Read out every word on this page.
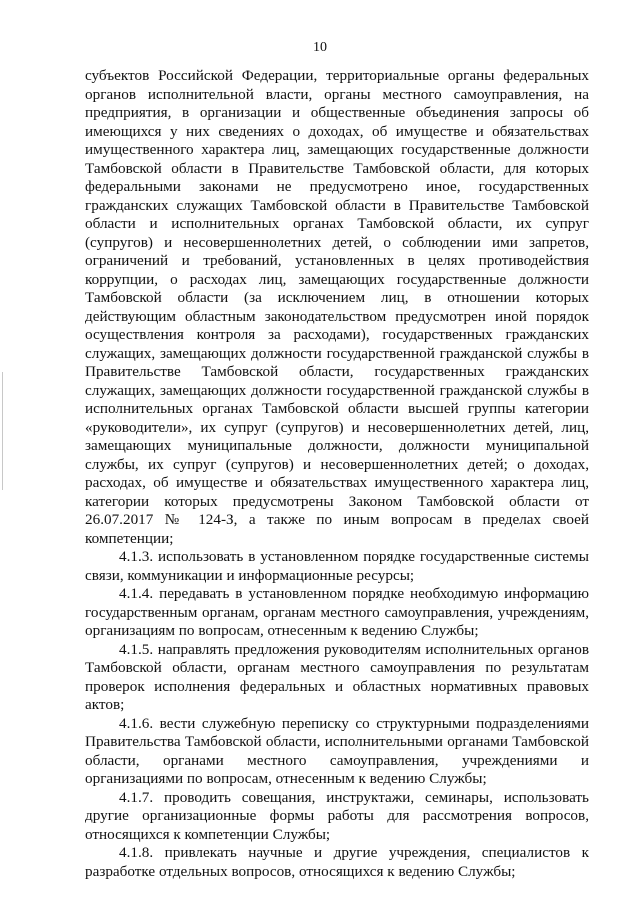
10

субъектов Российской Федерации, территориальные органы федеральных органов исполнительной власти, органы местного самоуправления, на предприятия, в организации и общественные объединения запросы об имеющихся у них сведениях о доходах, об имуществе и обязательствах имущественного характера лиц, замещающих государственные должности Тамбовской области в Правительстве Тамбовской области, для которых федеральными законами не предусмотрено иное, государственных гражданских служащих Тамбовской области в Правительстве Тамбовской области и исполнительных органах Тамбовской области, их супруг (супругов) и несовершеннолетних детей, о соблюдении ими запретов, ограничений и требований, установленных в целях противодействия коррупции, о расходах лиц, замещающих государственные должности Тамбовской области (за исключением лиц, в отношении которых действующим областным законодательством предусмотрен иной порядок осуществления контроля за расходами), государственных гражданских служащих, замещающих должности государственной гражданской службы в Правительстве Тамбовской области, государственных гражданских служащих, замещающих должности государственной гражданской службы в исполнительных органах Тамбовской области высшей группы категории «руководители», их супруг (супругов) и несовершеннолетних детей, лиц, замещающих муниципальные должности, должности муниципальной службы, их супруг (супругов) и несовершеннолетних детей; о доходах, расходах, об имуществе и обязательствах имущественного характера лиц, категории которых предусмотрены Законом Тамбовской области от 26.07.2017 № 124-З, а также по иным вопросам в пределах своей компетенции;

4.1.3. использовать в установленном порядке государственные системы связи, коммуникации и информационные ресурсы;

4.1.4. передавать в установленном порядке необходимую информацию государственным органам, органам местного самоуправления, учреждениям, организациям по вопросам, отнесенным к ведению Службы;

4.1.5. направлять предложения руководителям исполнительных органов Тамбовской области, органам местного самоуправления по результатам проверок исполнения федеральных и областных нормативных правовых актов;

4.1.6. вести служебную переписку со структурными подразделениями Правительства Тамбовской области, исполнительными органами Тамбовской области, органами местного самоуправления, учреждениями и организациями по вопросам, отнесенным к ведению Службы;

4.1.7. проводить совещания, инструктажи, семинары, использовать другие организационные формы работы для рассмотрения вопросов, относящихся к компетенции Службы;

4.1.8. привлекать научные и другие учреждения, специалистов к разработке отдельных вопросов, относящихся к ведению Службы;
